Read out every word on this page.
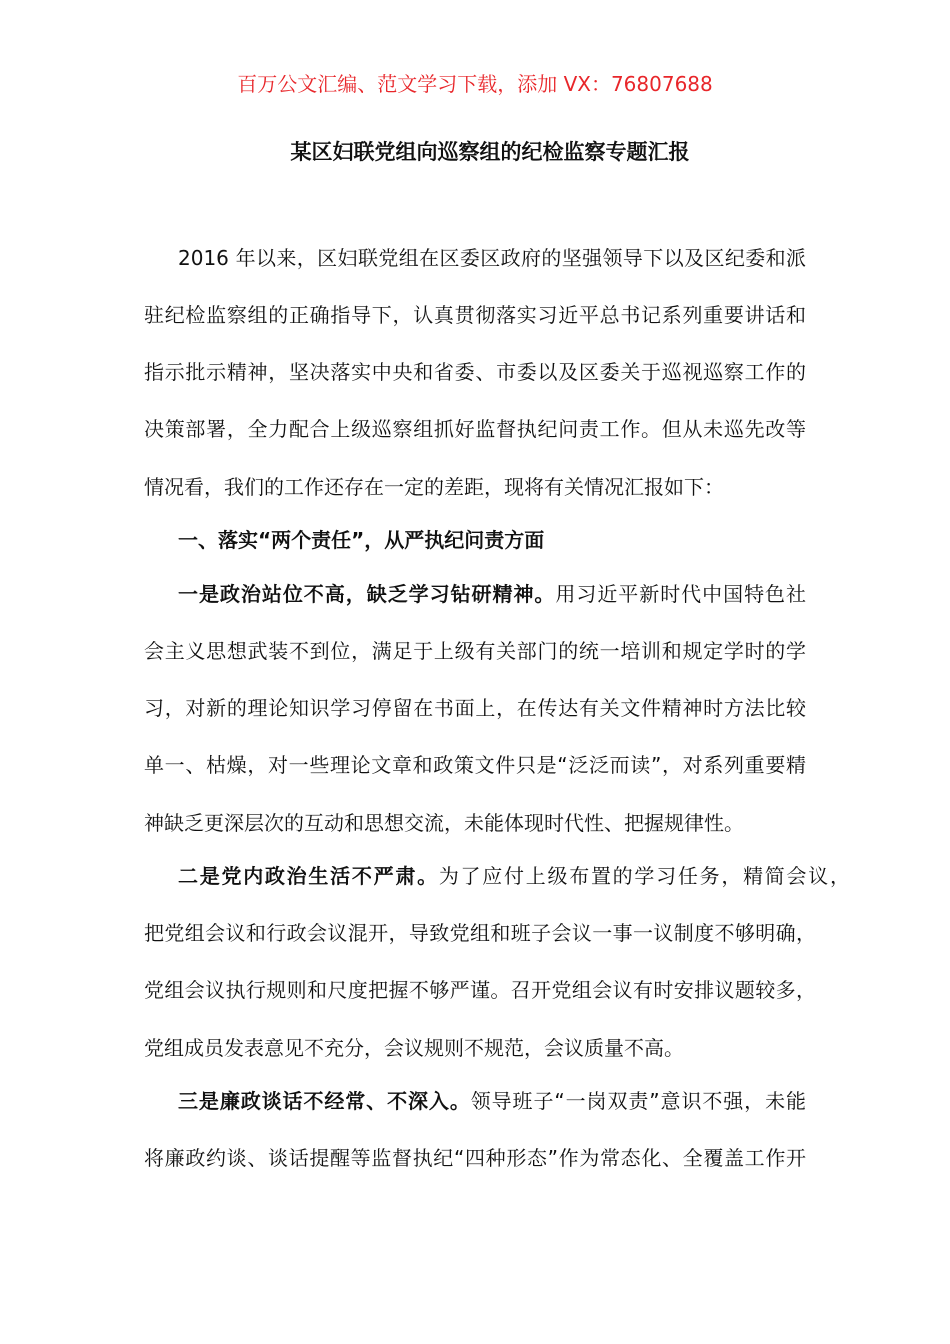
百万公文汇编、范文学习下载，添加 VX：76807688
某区妇联党组向巡察组的纪检监察专题汇报
2016 年以来，区妇联党组在区委区政府的坚强领导下以及区纪委和派
驻纪检监察组的正确指导下，认真贯彻落实习近平总书记系列重要讲话和
指示批示精神，坚决落实中央和省委、市委以及区委关于巡视巡察工作的
决策部署，全力配合上级巡察组抓好监督执纪问责工作。但从未巡先改等
情况看，我们的工作还存在一定的差距，现将有关情况汇报如下：
一、落实“两个责任”，从严执纪问责方面
一是政治站位不高，缺乏学习钻研精神。用习近平新时代中国特色社
会主义思想武装不到位，满足于上级有关部门的统一培训和规定学时的学
习，对新的理论知识学习停留在书面上，在传达有关文件精神时方法比较
单一、枯燥，对一些理论文章和政策文件只是“泛泛而读”，对系列重要精
神缺乏更深层次的互动和思想交流，未能体现时代性、把握规律性。
二是党内政治生活不严肃。为了应付上级布置的学习任务，精简会议，
把党组会议和行政会议混开，导致党组和班子会议一事一议制度不够明确，
党组会议执行规则和尺度把握不够严谨。召开党组会议有时安排议题较多，
党组成员发表意见不充分，会议规则不规范，会议质量不高。
三是廉政谈话不经常、不深入。领导班子“一岗双责”意识不强，未能
将廉政约谈、谈话提醒等监督执纪“四种形态”作为常态化、全覆盖工作开
